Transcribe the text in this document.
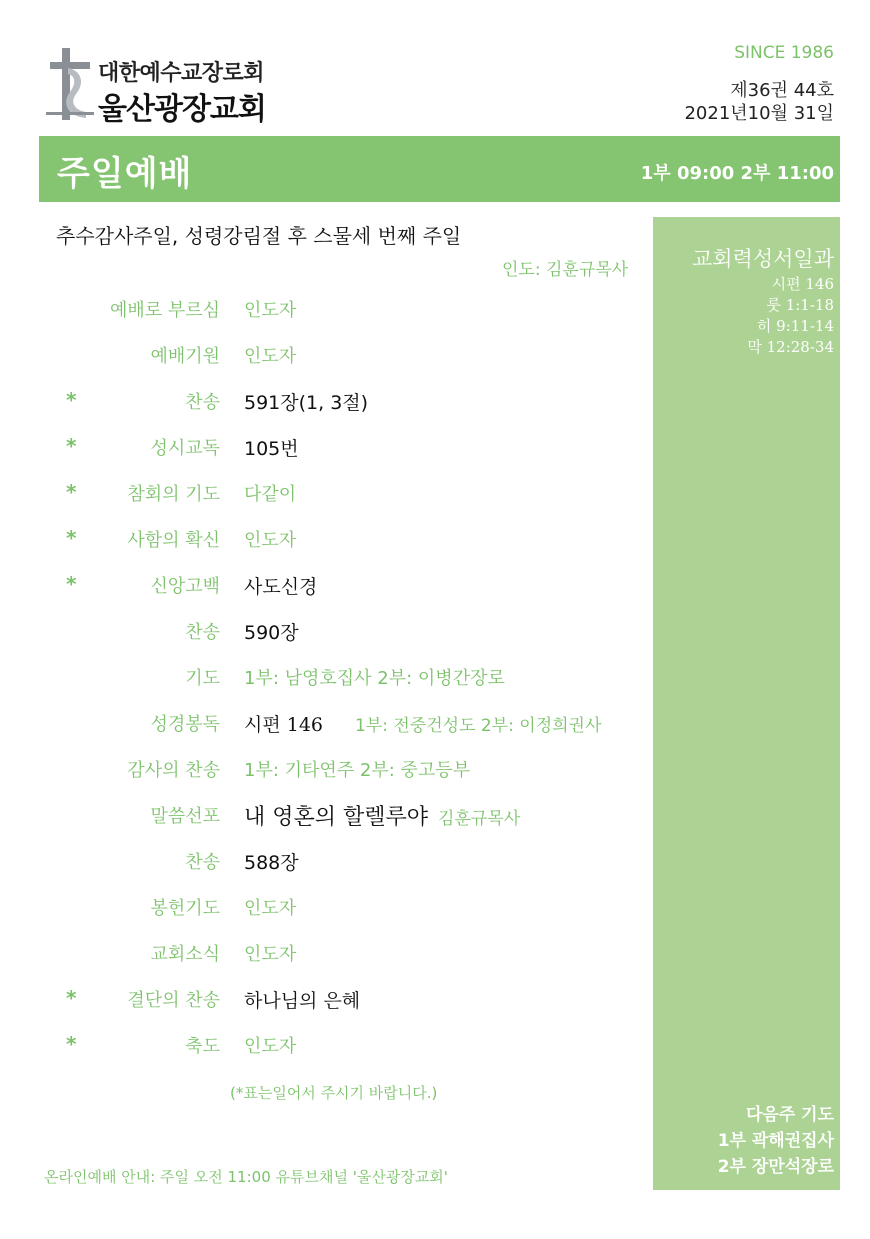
대한예수교장로회
울산광장교회
SINCE 1986
제36권 44호
2021년10월 31일
주일예배	1부 09:00 2부 11:00
교회력성서일과
시편 146
룻 1:1-18
히 9:11-14
막 12:28-34
다음주 기도
1부 곽해권집사
2부 장만석장로
추수감사주일, 성령강림절 후 스물세 번째 주일
인도: 김훈규목사
예배로 부르심 인도자
예배기원 인도자
*	찬송 591장(1, 3절)
*	성시교독 105번
*	참회의 기도 다같이
*	사함의 확신 인도자
*	신앙고백 사도신경
찬송 590장
기도 1부: 남영호집사 2부: 이병간장로
성경봉독 시편 146 1부: 전중건성도 2부: 이정희권사
감사의 찬송 1부: 기타연주 2부: 중고등부
말씀선포 내 영혼의 할렐루야 김훈규목사
찬송 588장
봉헌기도 인도자
교회소식 인도자
*	결단의 찬송 하나님의 은혜
*	축도 인도자
(*표는일어서 주시기 바랍니다.)
온라인예배 안내: 주일 오전 11:00 유튜브채널 '울산광장교회'
